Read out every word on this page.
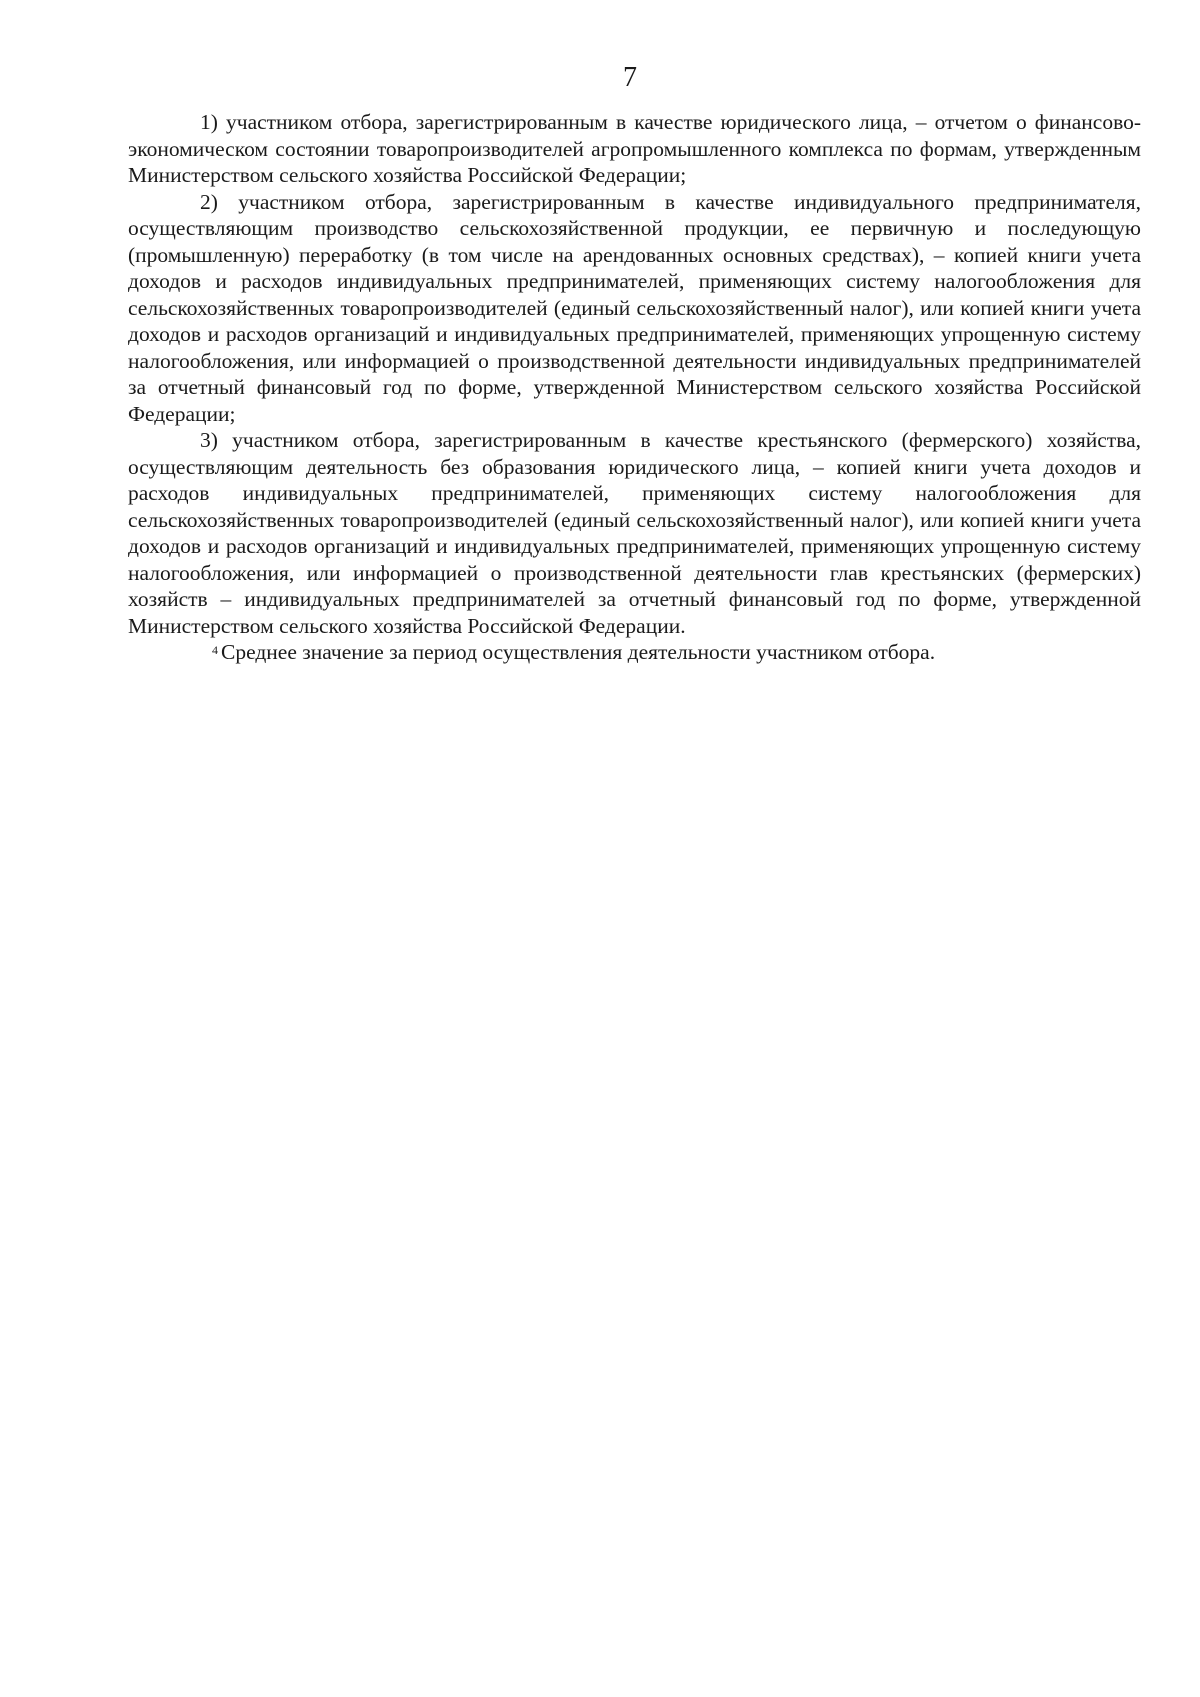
7

1) участником отбора, зарегистрированным в качестве юридического лица, – отчетом о финансово-экономическом состоянии товаропроизводителей агропромышленного комплекса по формам, утвержденным Министерством сельского хозяйства Российской Федерации;

2) участником отбора, зарегистрированным в качестве индивидуального предпринимателя, осуществляющим производство сельскохозяйственной продукции, ее первичную и последующую (промышленную) переработку (в том числе на арендованных основных средствах), – копией книги учета доходов и расходов индивидуальных предпринимателей, применяющих систему налогообложения для сельскохозяйственных товаропроизводителей (единый сельскохозяйственный налог), или копией книги учета доходов и расходов организаций и индивидуальных предпринимателей, применяющих упрощенную систему налогообложения, или информацией о производственной деятельности индивидуальных предпринимателей за отчетный финансовый год по форме, утвержденной Министерством сельского хозяйства Российской Федерации;

3) участником отбора, зарегистрированным в качестве крестьянского (фермерского) хозяйства, осуществляющим деятельность без образования юридического лица, – копией книги учета доходов и расходов индивидуальных предпринимателей, применяющих систему налогообложения для сельскохозяйственных товаропроизводителей (единый сельскохозяйственный налог), или копией книги учета доходов и расходов организаций и индивидуальных предпринимателей, применяющих упрощенную систему налогообложения, или информацией о производственной деятельности глав крестьянских (фермерских) хозяйств – индивидуальных предпринимателей за отчетный финансовый год по форме, утвержденной Министерством сельского хозяйства Российской Федерации.

$^4$ Среднее значение за период осуществления деятельности участником отбора.
